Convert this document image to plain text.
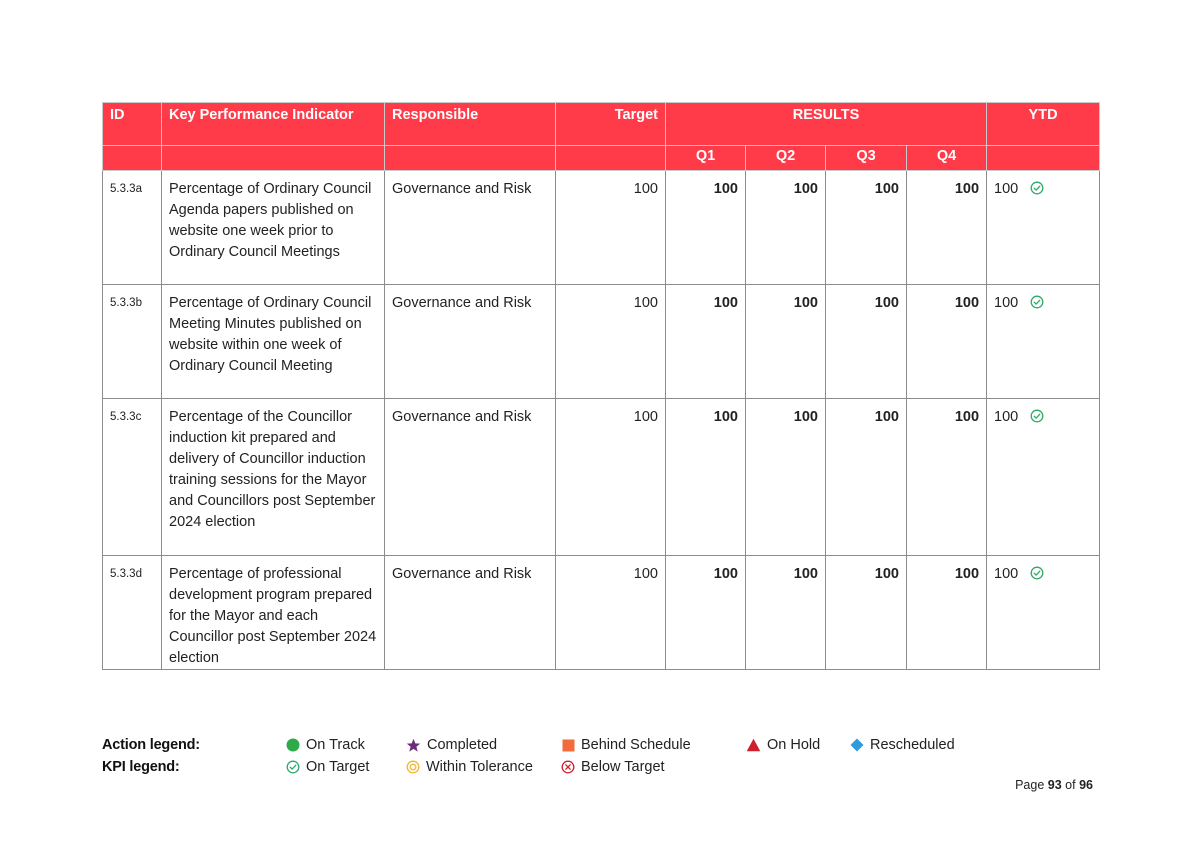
ID	Key Performance Indicator	Responsible	Target	RESULTS				YTD
				Q1	Q2	Q3	Q4	
5.3.3a	Percentage of Ordinary Council Agenda papers published on website one week prior to Ordinary Council Meetings	Governance and Risk	100	100	100	100	100	100
5.3.3b	Percentage of Ordinary Council Meeting Minutes published on website within one week of Ordinary Council Meeting	Governance and Risk	100	100	100	100	100	100
5.3.3c	Percentage of the Councillor induction kit prepared and delivery of Councillor induction training sessions for the Mayor and Councillors post September 2024 election	Governance and Risk	100	100	100	100	100	100
5.3.3d	Percentage of professional development program prepared for the Mayor and each Councillor post September 2024 election	Governance and Risk	100	100	100	100	100	100
Action legend:
KPI legend:
On Track	Completed	Behind Schedule	On Hold	Rescheduled
On Target	Within Tolerance	Below Target
Page 93 of 96
